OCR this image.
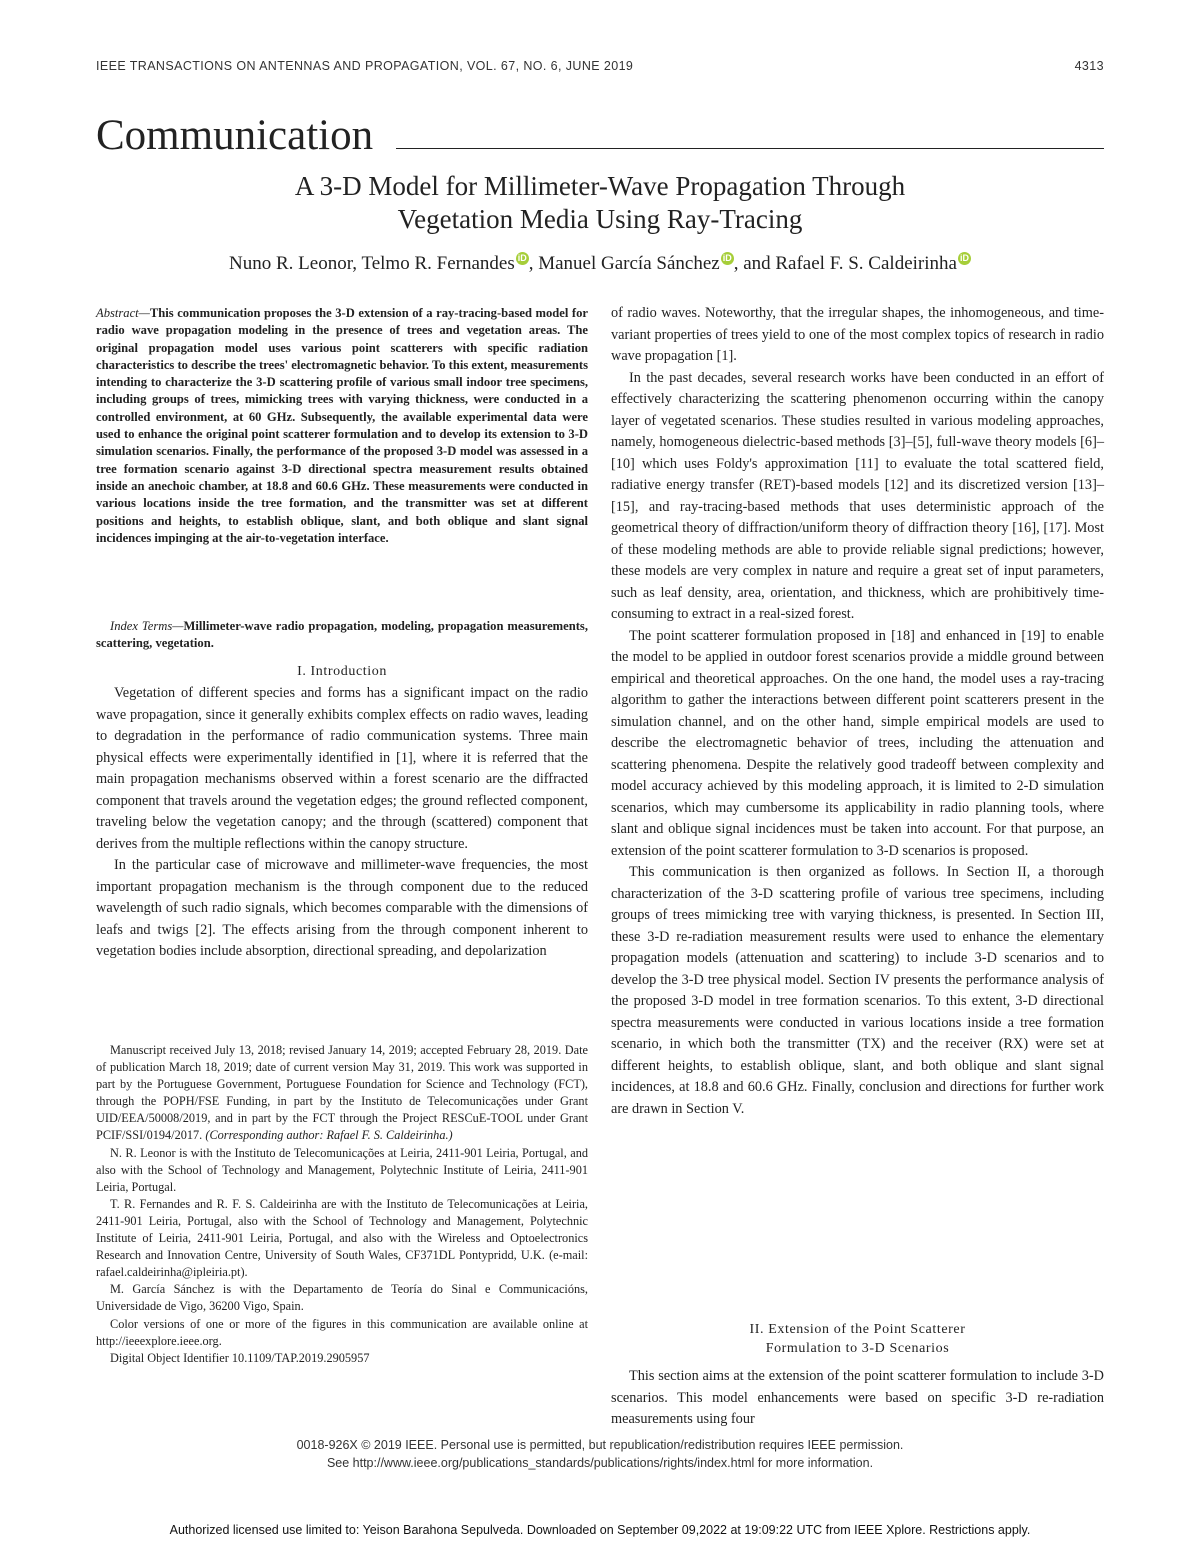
IEEE TRANSACTIONS ON ANTENNAS AND PROPAGATION, VOL. 67, NO. 6, JUNE 2019	4313
Communication
A 3-D Model for Millimeter-Wave Propagation Through
Vegetation Media Using Ray-Tracing
Nuno R. Leonor, Telmo R. Fernandes iD , Manuel García Sánchez iD , and Rafael F. S. Caldeirinha iD

Abstract—This communication proposes the 3-D extension of a ray-tracing-based model for radio wave propagation modeling in the presence of trees and vegetation areas. The original propagation model uses various point scatterers with specific radiation characteristics to describe the trees' electromagnetic behavior. To this extent, measurements intending to characterize the 3-D scattering profile of various small indoor tree specimens, including groups of trees, mimicking trees with varying thickness, were conducted in a controlled environment, at 60 GHz. Subsequently, the available experimental data were used to enhance the original point scatterer formulation and to develop its extension to 3-D simulation scenarios. Finally, the performance of the proposed 3-D model was assessed in a tree formation scenario against 3-D directional spectra measurement results obtained inside an anechoic chamber, at 18.8 and 60.6 GHz. These measurements were conducted in various locations inside the tree formation, and the transmitter was set at different positions and heights, to establish oblique, slant, and both oblique and slant signal incidences impinging at the air-to-vegetation interface.

Index Terms—Millimeter-wave radio propagation, modeling, propagation measurements, scattering, vegetation.

I. Introduction

Vegetation of different species and forms has a significant impact on the radio wave propagation, since it generally exhibits complex effects on radio waves, leading to degradation in the performance of radio communication systems. Three main physical effects were experimentally identified in [1], where it is referred that the main propagation mechanisms observed within a forest scenario are the diffracted component that travels around the vegetation edges; the ground reflected component, traveling below the vegetation canopy; and the through (scattered) component that derives from the multiple reflections within the canopy structure.

In the particular case of microwave and millimeter-wave frequencies, the most important propagation mechanism is the through component due to the reduced wavelength of such radio signals, which becomes comparable with the dimensions of leafs and twigs [2]. The effects arising from the through component inherent to vegetation bodies include absorption, directional spreading, and depolarization

Manuscript received July 13, 2018; revised January 14, 2019; accepted February 28, 2019. Date of publication March 18, 2019; date of current version May 31, 2019. This work was supported in part by the Portuguese Government, Portuguese Foundation for Science and Technology (FCT), through the POPH/FSE Funding, in part by the Instituto de Telecomunicações under Grant UID/EEA/50008/2019, and in part by the FCT through the Project RESCuE-TOOL under Grant PCIF/SSI/0194/2017. (Corresponding author: Rafael F. S. Caldeirinha.)

N. R. Leonor is with the Instituto de Telecomunicações at Leiria, 2411-901 Leiria, Portugal, and also with the School of Technology and Management, Polytechnic Institute of Leiria, 2411-901 Leiria, Portugal.

T. R. Fernandes and R. F. S. Caldeirinha are with the Instituto de Telecomunicações at Leiria, 2411-901 Leiria, Portugal, also with the School of Technology and Management, Polytechnic Institute of Leiria, 2411-901 Leiria, Portugal, and also with the Wireless and Optoelectronics Research and Innovation Centre, University of South Wales, CF371DL Pontypridd, U.K. (e-mail: rafael.caldeirinha@ipleiria.pt).

M. García Sánchez is with the Departamento de Teoría do Sinal e Communicacións, Universidade de Vigo, 36200 Vigo, Spain.

Color versions of one or more of the figures in this communication are available online at http://ieeexplore.ieee.org.

Digital Object Identifier 10.1109/TAP.2019.2905957

of radio waves. Noteworthy, that the irregular shapes, the inhomogeneous, and time-variant properties of trees yield to one of the most complex topics of research in radio wave propagation [1].

In the past decades, several research works have been conducted in an effort of effectively characterizing the scattering phenomenon occurring within the canopy layer of vegetated scenarios. These studies resulted in various modeling approaches, namely, homogeneous dielectric-based methods [3]–[5], full-wave theory models [6]–[10] which uses Foldy's approximation [11] to evaluate the total scattered field, radiative energy transfer (RET)-based models [12] and its discretized version [13]–[15], and ray-tracing-based methods that uses deterministic approach of the geometrical theory of diffraction/uniform theory of diffraction theory [16], [17]. Most of these modeling methods are able to provide reliable signal predictions; however, these models are very complex in nature and require a great set of input parameters, such as leaf density, area, orientation, and thickness, which are prohibitively time-consuming to extract in a real-sized forest.

The point scatterer formulation proposed in [18] and enhanced in [19] to enable the model to be applied in outdoor forest scenarios provide a middle ground between empirical and theoretical approaches. On the one hand, the model uses a ray-tracing algorithm to gather the interactions between different point scatterers present in the simulation channel, and on the other hand, simple empirical models are used to describe the electromagnetic behavior of trees, including the attenuation and scattering phenomena. Despite the relatively good tradeoff between complexity and model accuracy achieved by this modeling approach, it is limited to 2-D simulation scenarios, which may cumbersome its applicability in radio planning tools, where slant and oblique signal incidences must be taken into account. For that purpose, an extension of the point scatterer formulation to 3-D scenarios is proposed.

This communication is then organized as follows. In Section II, a thorough characterization of the 3-D scattering profile of various tree specimens, including groups of trees mimicking tree with varying thickness, is presented. In Section III, these 3-D re-radiation measurement results were used to enhance the elementary propagation models (attenuation and scattering) to include 3-D scenarios and to develop the 3-D tree physical model. Section IV presents the performance analysis of the proposed 3-D model in tree formation scenarios. To this extent, 3-D directional spectra measurements were conducted in various locations inside a tree formation scenario, in which both the transmitter (TX) and the receiver (RX) were set at different heights, to establish oblique, slant, and both oblique and slant signal incidences, at 18.8 and 60.6 GHz. Finally, conclusion and directions for further work are drawn in Section V.

II. Extension of the Point Scatterer
Formulation to 3-D Scenarios

This section aims at the extension of the point scatterer formulation to include 3-D scenarios. This model enhancements were based on specific 3-D re-radiation measurements using four

0018-926X © 2019 IEEE. Personal use is permitted, but republication/redistribution requires IEEE permission.
See http://www.ieee.org/publications_standards/publications/rights/index.html for more information.
Authorized licensed use limited to: Yeison Barahona Sepulveda. Downloaded on September 09,2022 at 19:09:22 UTC from IEEE Xplore. Restrictions apply.
